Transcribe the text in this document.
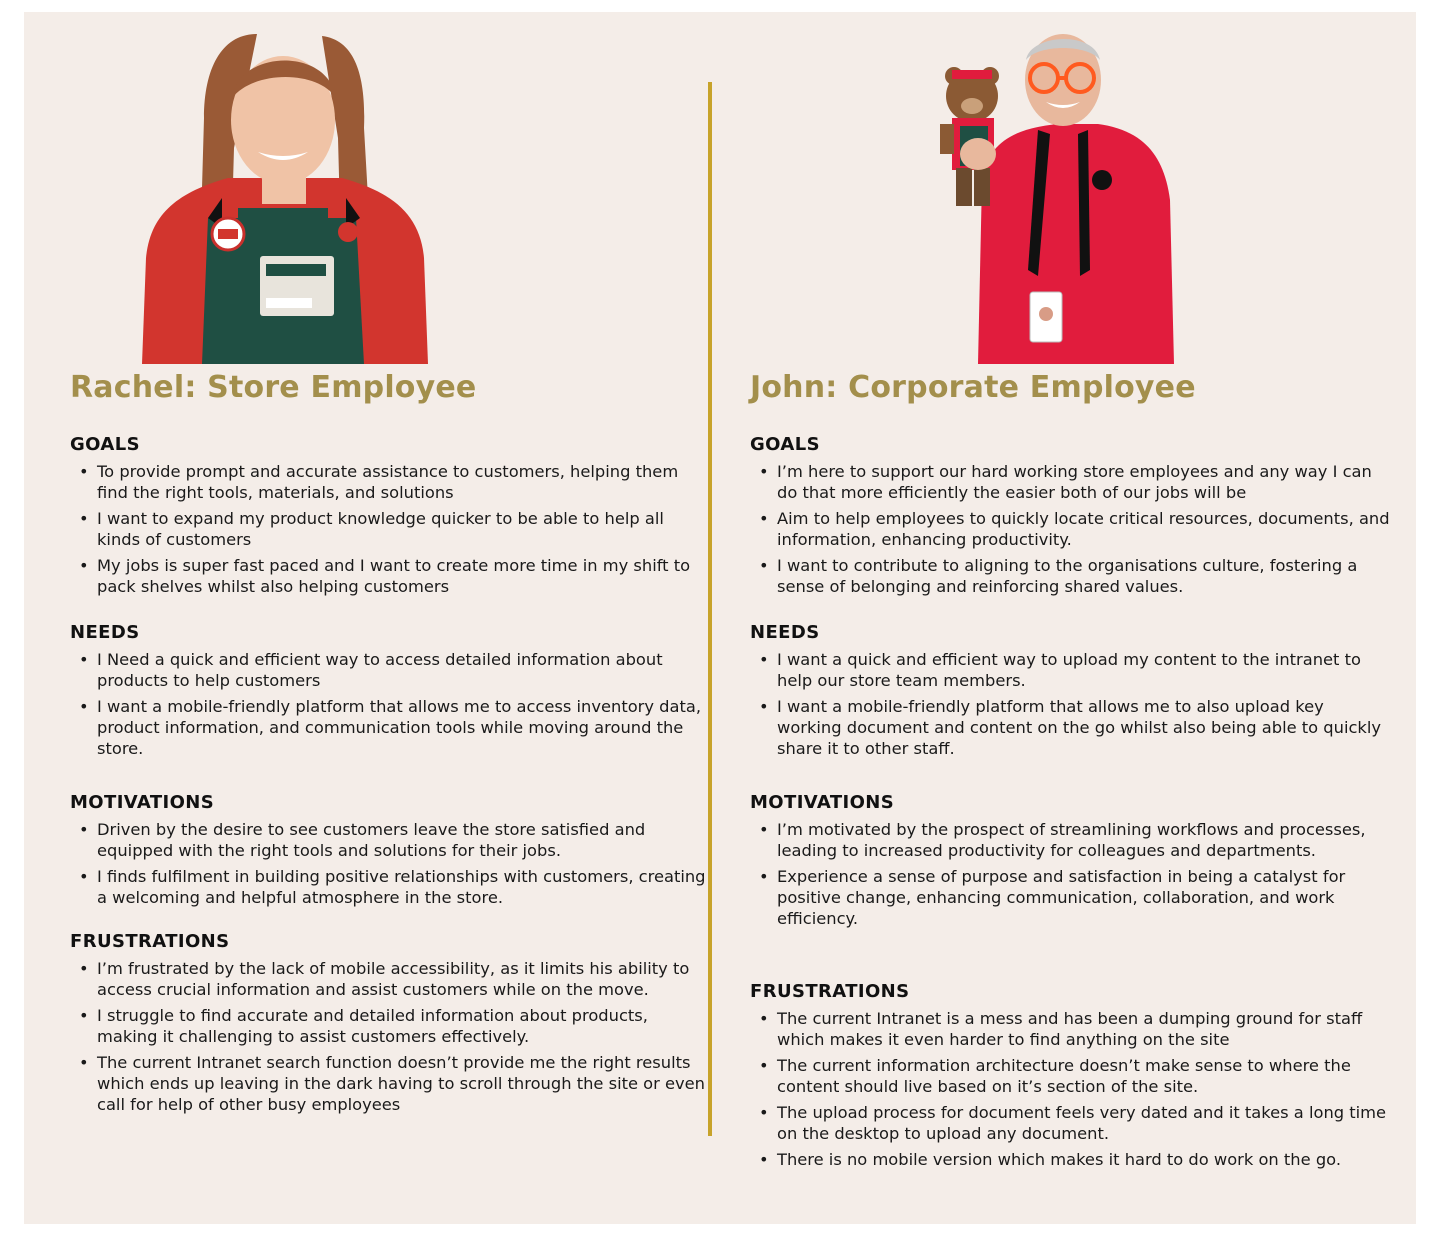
Rachel: Store Employee
GOALS
• To provide prompt and accurate assistance to customers, helping them find the right tools, materials, and solutions
• I want to expand my product knowledge quicker to be able to help all kinds of customers
• My jobs is super fast paced and I want to create more time in my shift to pack shelves whilst also helping customers
NEEDS
• I Need a quick and efficient way to access detailed information about products to help customers
• I want a mobile-friendly platform that allows me to access inventory data, product information, and communication tools while moving around the store.
MOTIVATIONS
• Driven by the desire to see customers leave the store satisfied and equipped with the right tools and solutions for their jobs.
• I finds fulfilment in building positive relationships with customers, creating a welcoming and helpful atmosphere in the store.
FRUSTRATIONS
• I’m frustrated by the lack of mobile accessibility, as it limits his ability to access crucial information and assist customers while on the move.
• I struggle to find accurate and detailed information about products, making it challenging to assist customers effectively.
• The current Intranet search function doesn’t provide me the right results which ends up leaving in the dark having to scroll through the site or even call for help of other busy employees
John: Corporate Employee
GOALS
• I’m here to support our hard working store employees and any way I can do that more efficiently the easier both of our jobs will be
• Aim to help employees to quickly locate critical resources, documents, and information, enhancing productivity.
• I want to contribute to aligning to the organisations culture, fostering a sense of belonging and reinforcing shared values.
NEEDS
• I want a quick and efficient way to upload my content to the intranet to help our store team members.
• I want a mobile-friendly platform that allows me to also upload key working document and content on the go whilst also being able to quickly share it to other staff.
MOTIVATIONS
• I’m motivated by the prospect of streamlining workflows and processes, leading to increased productivity for colleagues and departments.
• Experience a sense of purpose and satisfaction in being a catalyst for positive change, enhancing communication, collaboration, and work efficiency.
FRUSTRATIONS
• The current Intranet is a mess and has been a dumping ground for staff which makes it even harder to find anything on the site
• The current information architecture doesn’t make sense to where the content should live based on it’s section of the site.
• The upload process for document feels very dated and it takes a long time on the desktop to upload any document.
• There is no mobile version which makes it hard to do work on the go.
